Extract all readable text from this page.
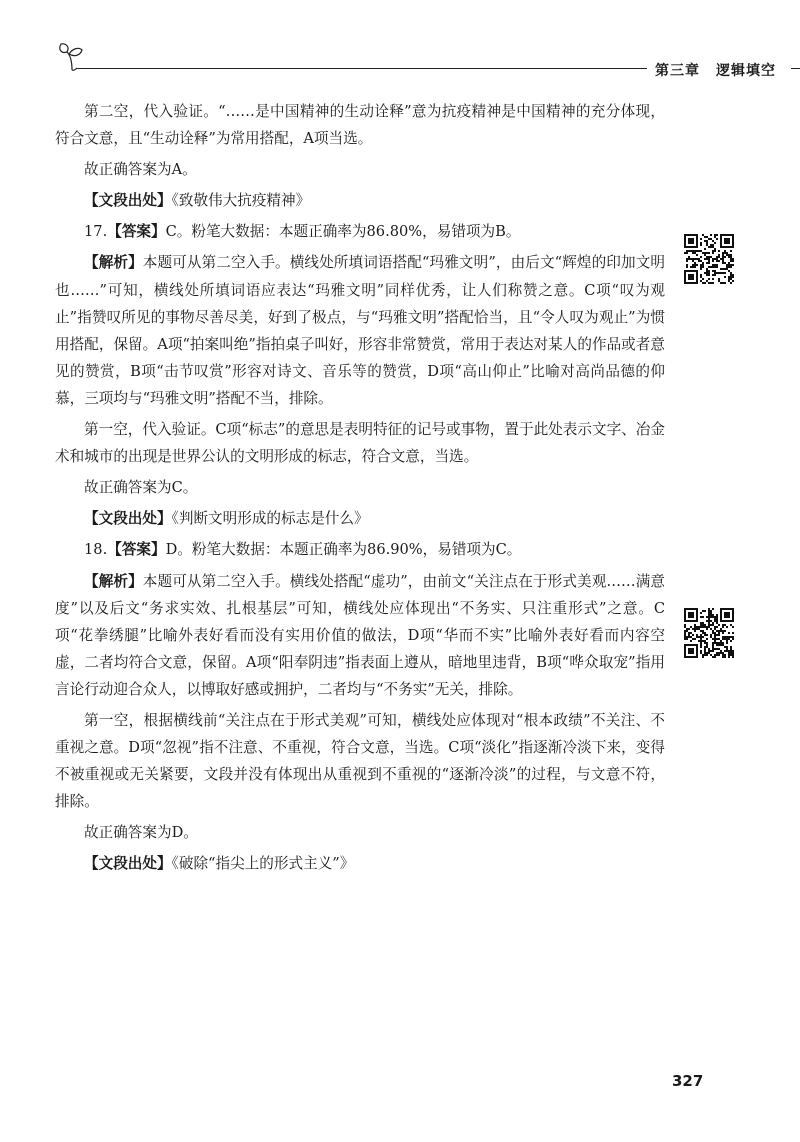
第三章 逻辑填空

第二空，代入验证。“……是中国精神的生动诠释”意为抗疫精神是中国精神的充分体现，符合文意，且“生动诠释”为常用搭配，A项当选。

故正确答案为A。

【文段出处】《致敬伟大抗疫精神》

17.【答案】C。粉笔大数据：本题正确率为86.80%，易错项为B。

【解析】本题可从第二空入手。横线处所填词语搭配“玛雅文明”，由后文“辉煌的印加文明也……”可知，横线处所填词语应表达“玛雅文明”同样优秀，让人们称赞之意。C项“叹为观止”指赞叹所见的事物尽善尽美，好到了极点，与“玛雅文明”搭配恰当，且“令人叹为观止”为惯用搭配，保留。A项“拍案叫绝”指拍桌子叫好，形容非常赞赏，常用于表达对某人的作品或者意见的赞赏，B项“击节叹赏”形容对诗文、音乐等的赞赏，D项“高山仰止”比喻对高尚品德的仰慕，三项均与“玛雅文明”搭配不当，排除。

第一空，代入验证。C项“标志”的意思是表明特征的记号或事物，置于此处表示文字、冶金术和城市的出现是世界公认的文明形成的标志，符合文意，当选。

故正确答案为C。

【文段出处】《判断文明形成的标志是什么》

18.【答案】D。粉笔大数据：本题正确率为86.90%，易错项为C。

【解析】本题可从第二空入手。横线处搭配“虚功”，由前文“关注点在于形式美观……满意度”以及后文“务求实效、扎根基层”可知，横线处应体现出“不务实、只注重形式”之意。C项“花拳绣腿”比喻外表好看而没有实用价值的做法，D项“华而不实”比喻外表好看而内容空虚，二者均符合文意，保留。A项“阳奉阴违”指表面上遵从，暗地里违背，B项“哗众取宠”指用言论行动迎合众人，以博取好感或拥护，二者均与“不务实”无关，排除。

第一空，根据横线前“关注点在于形式美观”可知，横线处应体现对“根本政绩”不关注、不重视之意。D项“忽视”指不注意、不重视，符合文意，当选。C项“淡化”指逐渐冷淡下来，变得不被重视或无关紧要，文段并没有体现出从重视到不重视的“逐渐冷淡”的过程，与文意不符，排除。

故正确答案为D。

【文段出处】《破除“指尖上的形式主义”》

327
